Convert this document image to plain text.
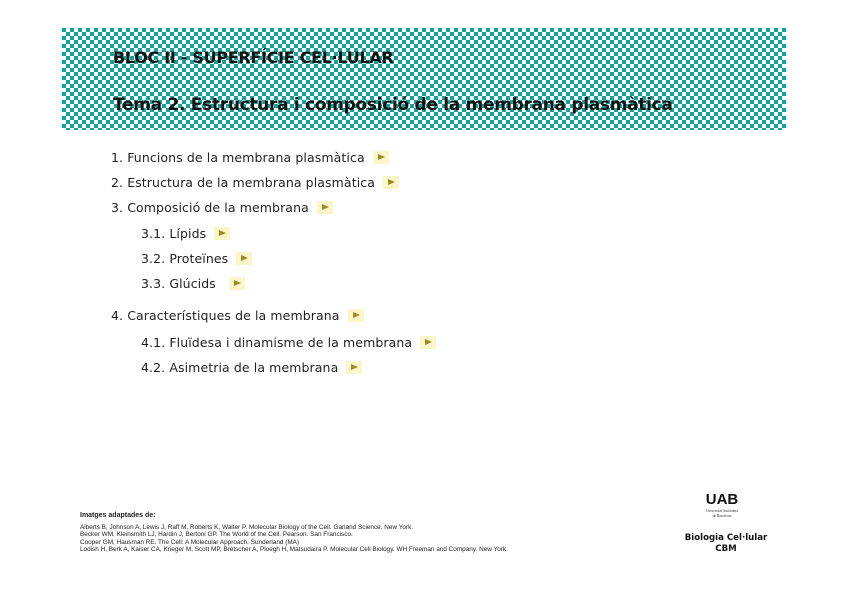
BLOC II - SUPERFÍCIE CEL·LULAR
Tema 2. Estructura i composició de la membrana plasmàtica
1. Funcions de la membrana plasmàtica
2. Estructura de la membrana plasmàtica
3. Composició de la membrana
3.1. Lípids
3.2. Proteïnes
3.3. Glúcids
4. Característiques de la membrana
4.1. Fluïdesa i dinamisme de la membrana
4.2. Asimetria de la membrana
Imatges adaptades de:
Alberts B, Johnson A, Lewis J, Raff M, Roberts K, Walter P. Molecular Biology of the Cell. Garland Science. New York.
Becker WM, Kleinsmith LJ, Hardin J, Bertoni GP. The World of the Cell. Pearson. San Francisco.
Cooper GM, Hausman RE. The Cell: A Molecular Approach. Sunderland (MA)
Lodish H, Berk A, Kaiser CA, Krieger M, Scott MP, Bretscher A, Ploegh H, Matsudaira P. Molecular Cell Biology. WH Freeman and Company. New York.
UAB
Universitat Autònoma
de Barcelona
Biologia Cel·lular
CBM
